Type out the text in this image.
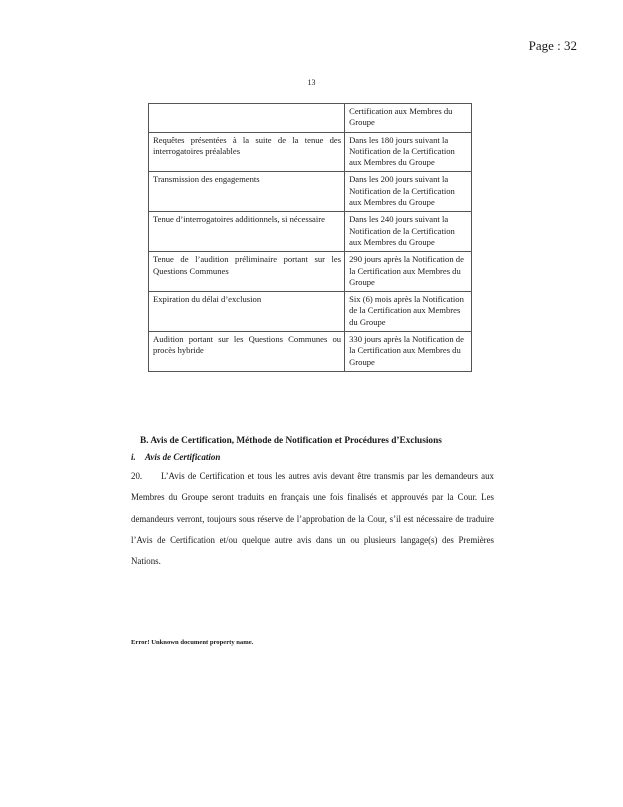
Page : 32
13
	Certification aux Membres du Groupe
Requêtes présentées à la suite de la tenue des interrogatoires préalables	Dans les 180 jours suivant la Notification de la Certification aux Membres du Groupe
Transmission des engagements	Dans les 200 jours suivant la Notification de la Certification aux Membres du Groupe
Tenue d’interrogatoires additionnels, si nécessaire	Dans les 240 jours suivant la Notification de la Certification aux Membres du Groupe
Tenue de l’audition préliminaire portant sur les Questions Communes	290 jours après la Notification de la Certification aux Membres du Groupe
Expiration du délai d’exclusion	Six (6) mois après la Notification de la Certification aux Membres du Groupe
Audition portant sur les Questions Communes ou procès hybride	330 jours après la Notification de la Certification aux Membres du Groupe
B. Avis de Certification, Méthode de Notification et Procédures d’Exclusions
i. Avis de Certification
20. L’Avis de Certification et tous les autres avis devant être transmis par les demandeurs aux Membres du Groupe seront traduits en français une fois finalisés et approuvés par la Cour. Les demandeurs verront, toujours sous réserve de l’approbation de la Cour, s’il est nécessaire de traduire l’Avis de Certification et/ou quelque autre avis dans un ou plusieurs langage(s) des Premières Nations.
Error! Unknown document property name.
